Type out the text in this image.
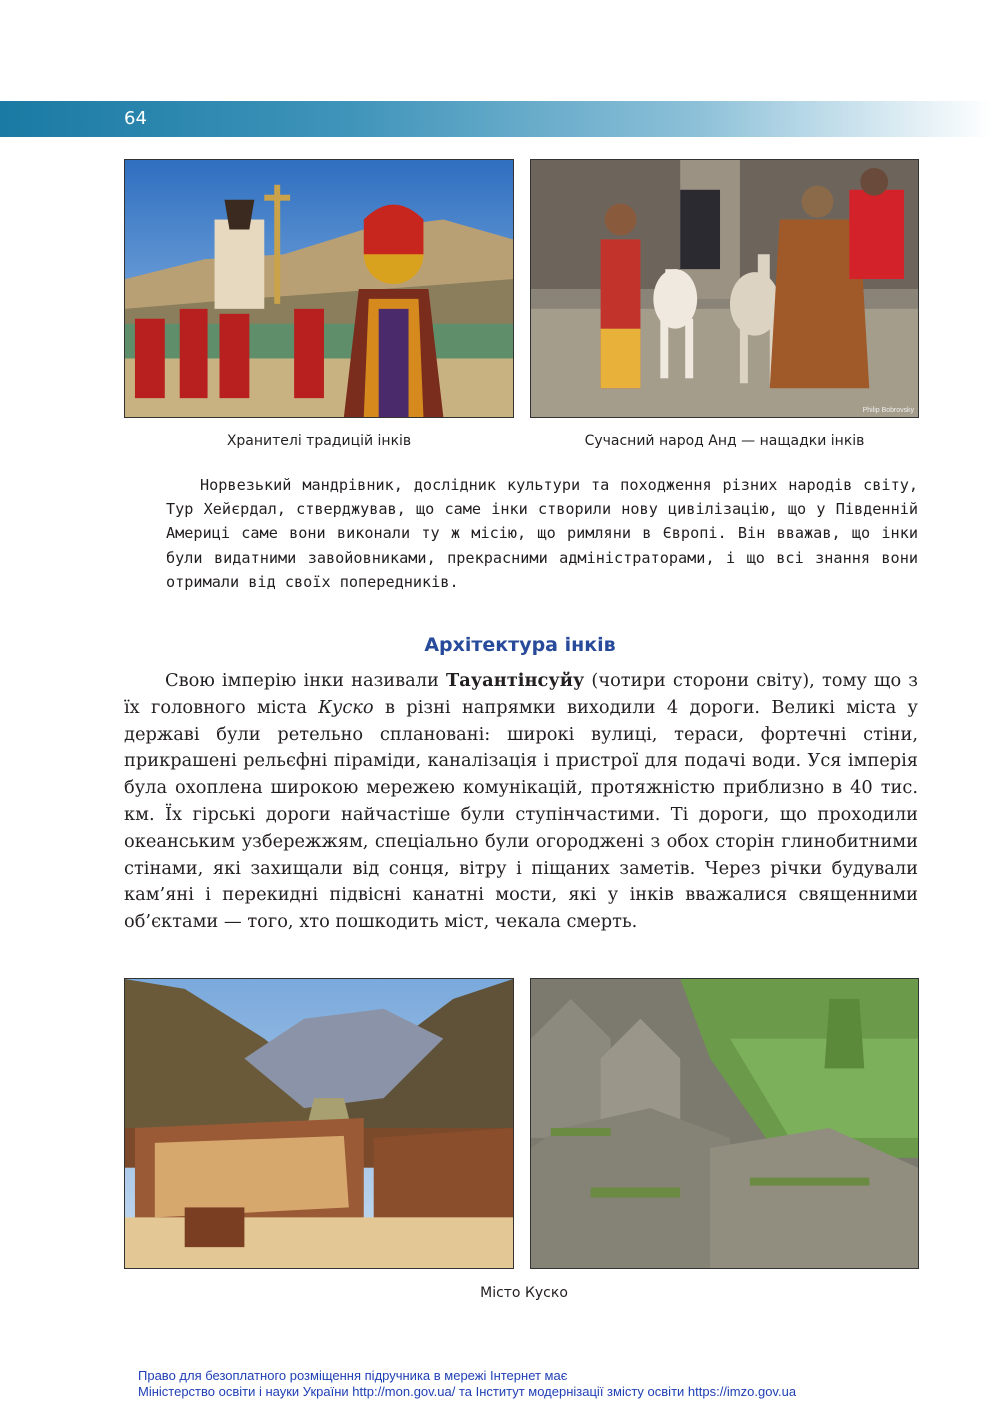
64
Philip Bobrovsky
Хранителі традицій інків	Сучасний народ Анд — нащадки інків

Норвезький мандрівник, дослідник культури та походження різних народів світу, Тур Хейєрдал, стверджував, що саме інки створили нову цивілізацію, що у Південній Америці саме вони виконали ту ж місію, що римляни в Європі. Він вважав, що інки були видатними завойовниками, прекрасними адміністраторами, і що всі знання вони отримали від своїх попередників.

Архітектура інків

Свою імперію інки називали Тауантінсуйу (чотири сторони світу), тому що з їх головного міста Куско в різні напрямки виходили 4 дороги. Великі міста у державі були ретельно сплановані: широкі вулиці, тераси, фортечні стіни, прикрашені рельєфні піраміди, каналізація і пристрої для подачі води. Уся імперія була охоплена широкою мережею комунікацій, протяжністю приблизно в 40 тис. км. Їх гірські дороги найчастіше були ступінчастими. Ті дороги, що проходили океанським узбережжям, спеціально були огороджені з обох сторін глинобитними стінами, які захищали від сонця, вітру і піщаних заметів. Через річки будували кам’яні і перекидні підвісні канатні мости, які у інків вважалися священними об’єктами — того, хто пошкодить міст, чекала смерть.

Місто Куско
Право для безоплатного розміщення підручника в мережі Інтернет має
Міністерство освіти і науки України http://mon.gov.ua/ та Інститут модернізації змісту освіти https://imzo.gov.ua
